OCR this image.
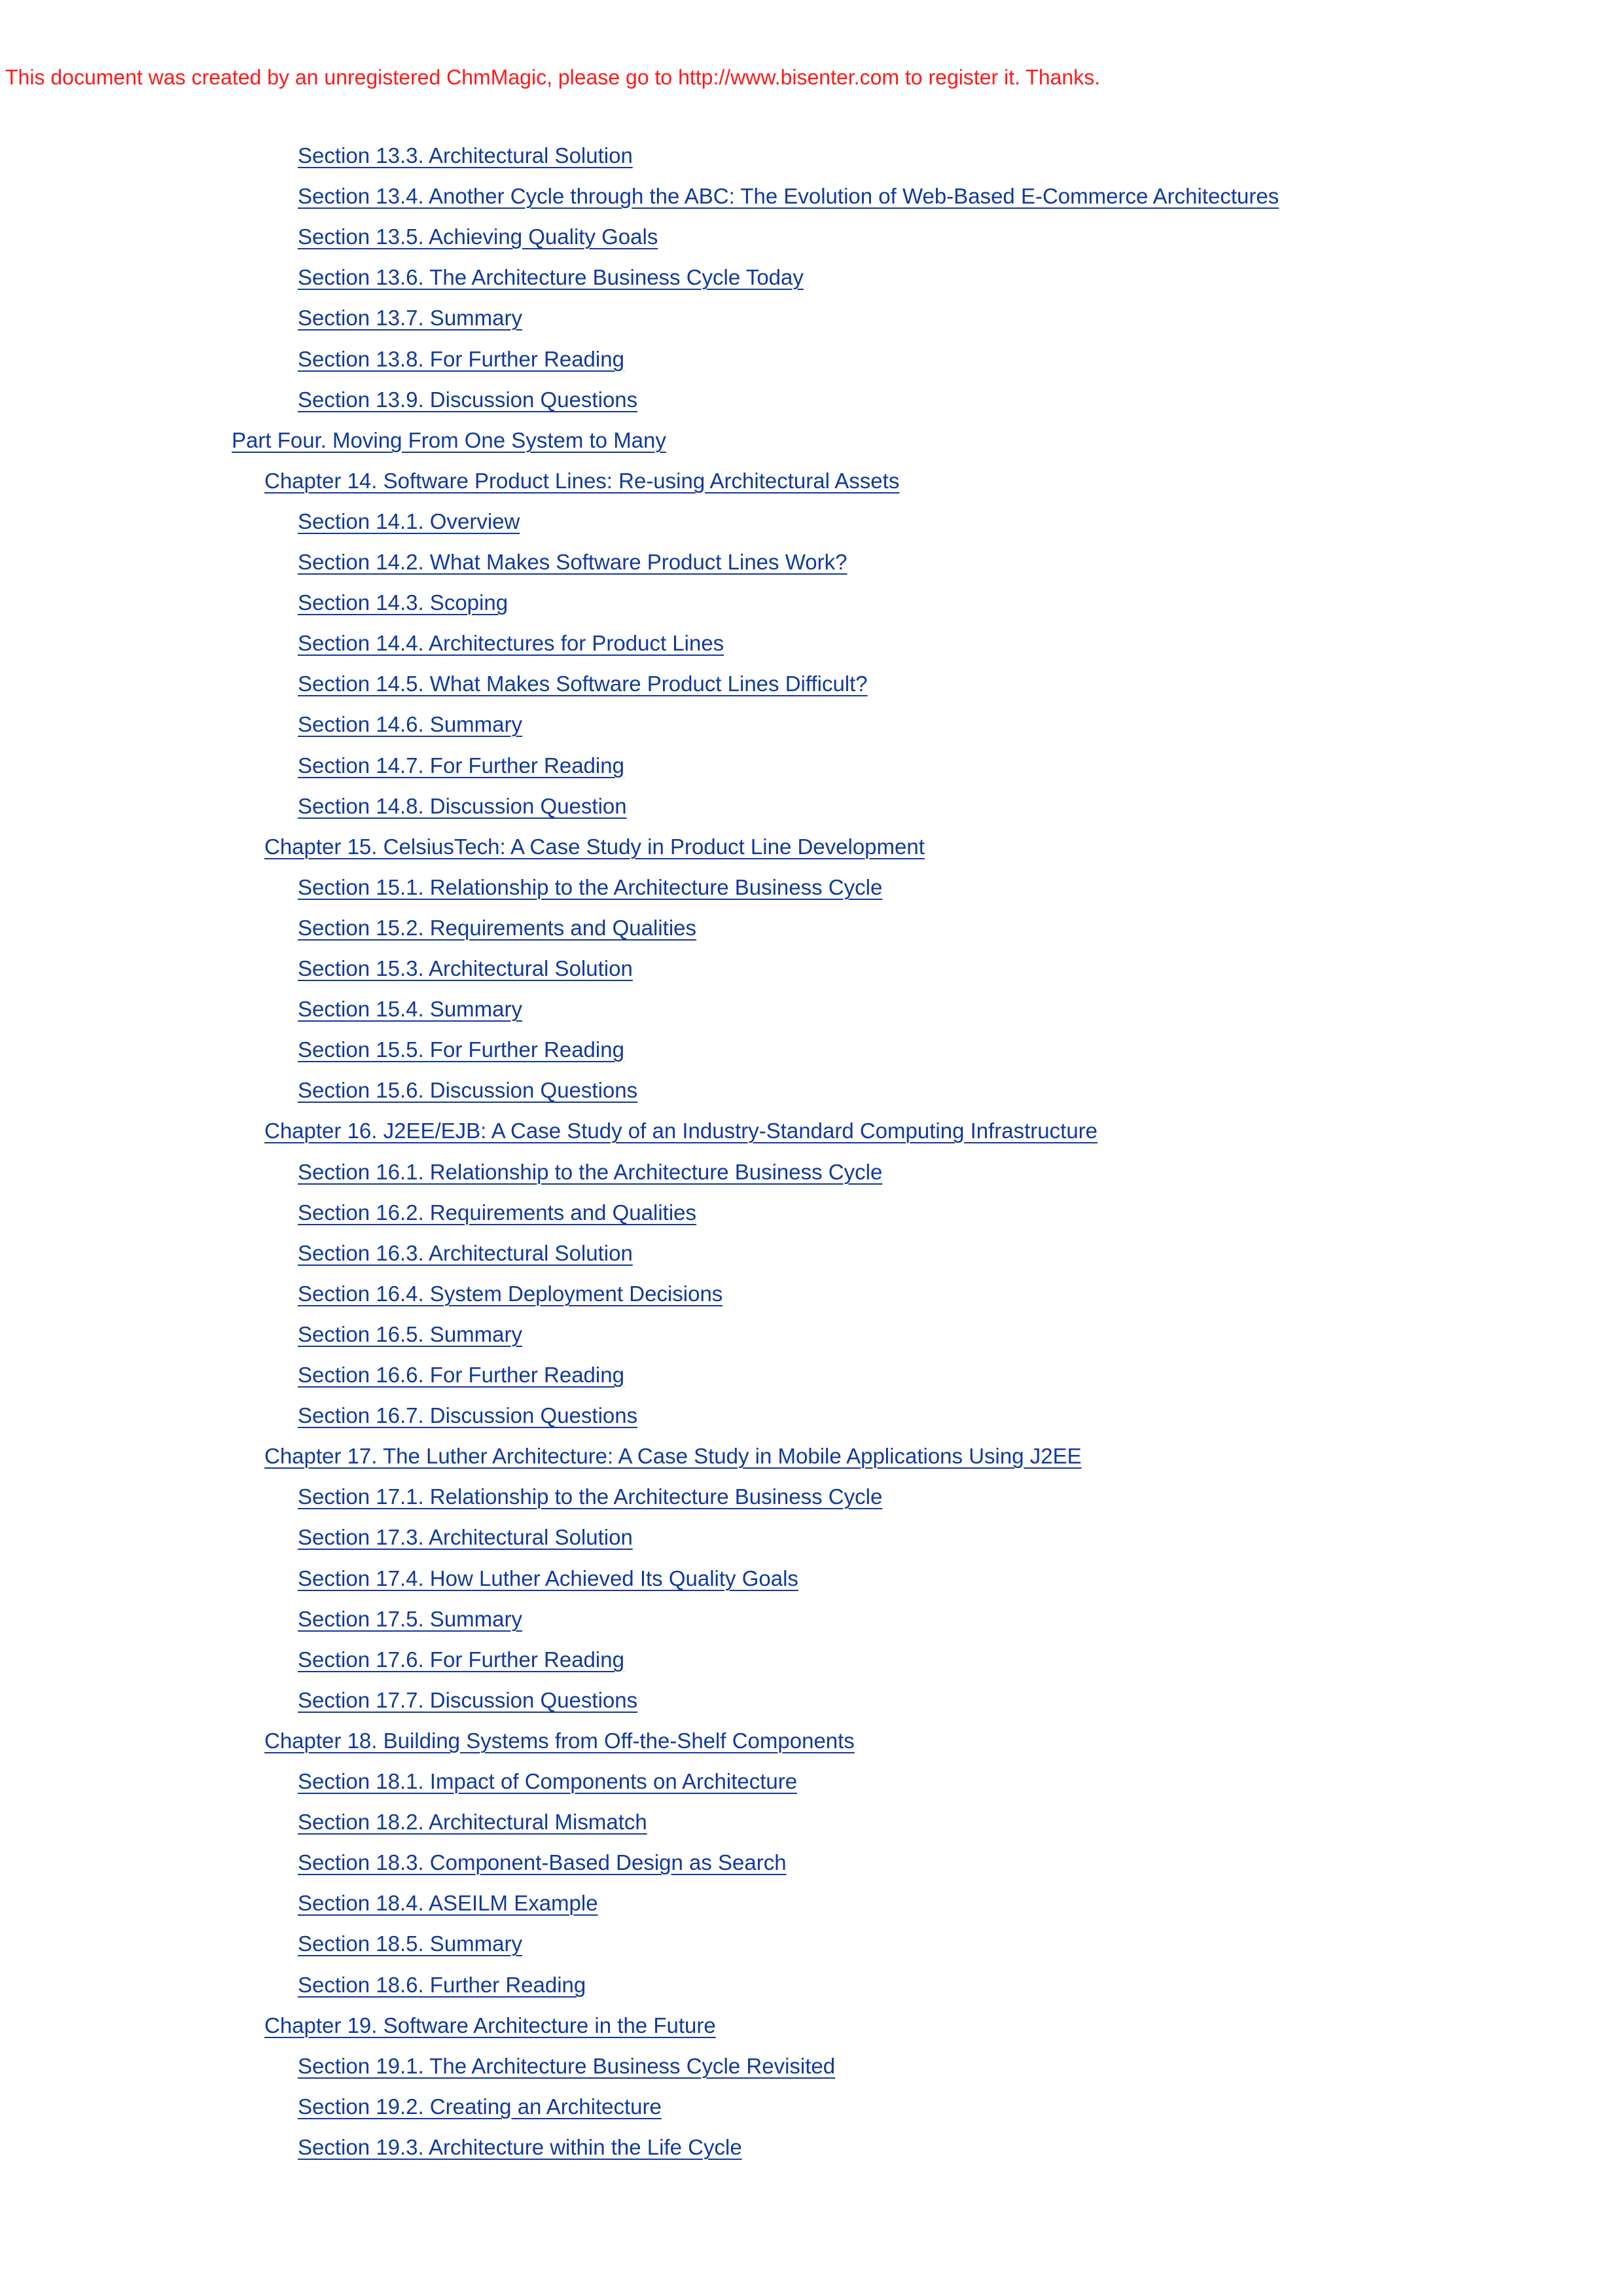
This document was created by an unregistered ChmMagic, please go to http://www.bisenter.com to register it. Thanks.
Section 13.3. Architectural Solution
Section 13.4. Another Cycle through the ABC: The Evolution of Web-Based E-Commerce Architectures
Section 13.5. Achieving Quality Goals
Section 13.6. The Architecture Business Cycle Today
Section 13.7. Summary
Section 13.8. For Further Reading
Section 13.9. Discussion Questions
Part Four. Moving From One System to Many
Chapter 14. Software Product Lines: Re-using Architectural Assets
Section 14.1. Overview
Section 14.2. What Makes Software Product Lines Work?
Section 14.3. Scoping
Section 14.4. Architectures for Product Lines
Section 14.5. What Makes Software Product Lines Difficult?
Section 14.6. Summary
Section 14.7. For Further Reading
Section 14.8. Discussion Question
Chapter 15. CelsiusTech: A Case Study in Product Line Development
Section 15.1. Relationship to the Architecture Business Cycle
Section 15.2. Requirements and Qualities
Section 15.3. Architectural Solution
Section 15.4. Summary
Section 15.5. For Further Reading
Section 15.6. Discussion Questions
Chapter 16. J2EE/EJB: A Case Study of an Industry-Standard Computing Infrastructure
Section 16.1. Relationship to the Architecture Business Cycle
Section 16.2. Requirements and Qualities
Section 16.3. Architectural Solution
Section 16.4. System Deployment Decisions
Section 16.5. Summary
Section 16.6. For Further Reading
Section 16.7. Discussion Questions
Chapter 17. The Luther Architecture: A Case Study in Mobile Applications Using J2EE
Section 17.1. Relationship to the Architecture Business Cycle
Section 17.3. Architectural Solution
Section 17.4. How Luther Achieved Its Quality Goals
Section 17.5. Summary
Section 17.6. For Further Reading
Section 17.7. Discussion Questions
Chapter 18. Building Systems from Off-the-Shelf Components
Section 18.1. Impact of Components on Architecture
Section 18.2. Architectural Mismatch
Section 18.3. Component-Based Design as Search
Section 18.4. ASEILM Example
Section 18.5. Summary
Section 18.6. Further Reading
Chapter 19. Software Architecture in the Future
Section 19.1. The Architecture Business Cycle Revisited
Section 19.2. Creating an Architecture
Section 19.3. Architecture within the Life Cycle
